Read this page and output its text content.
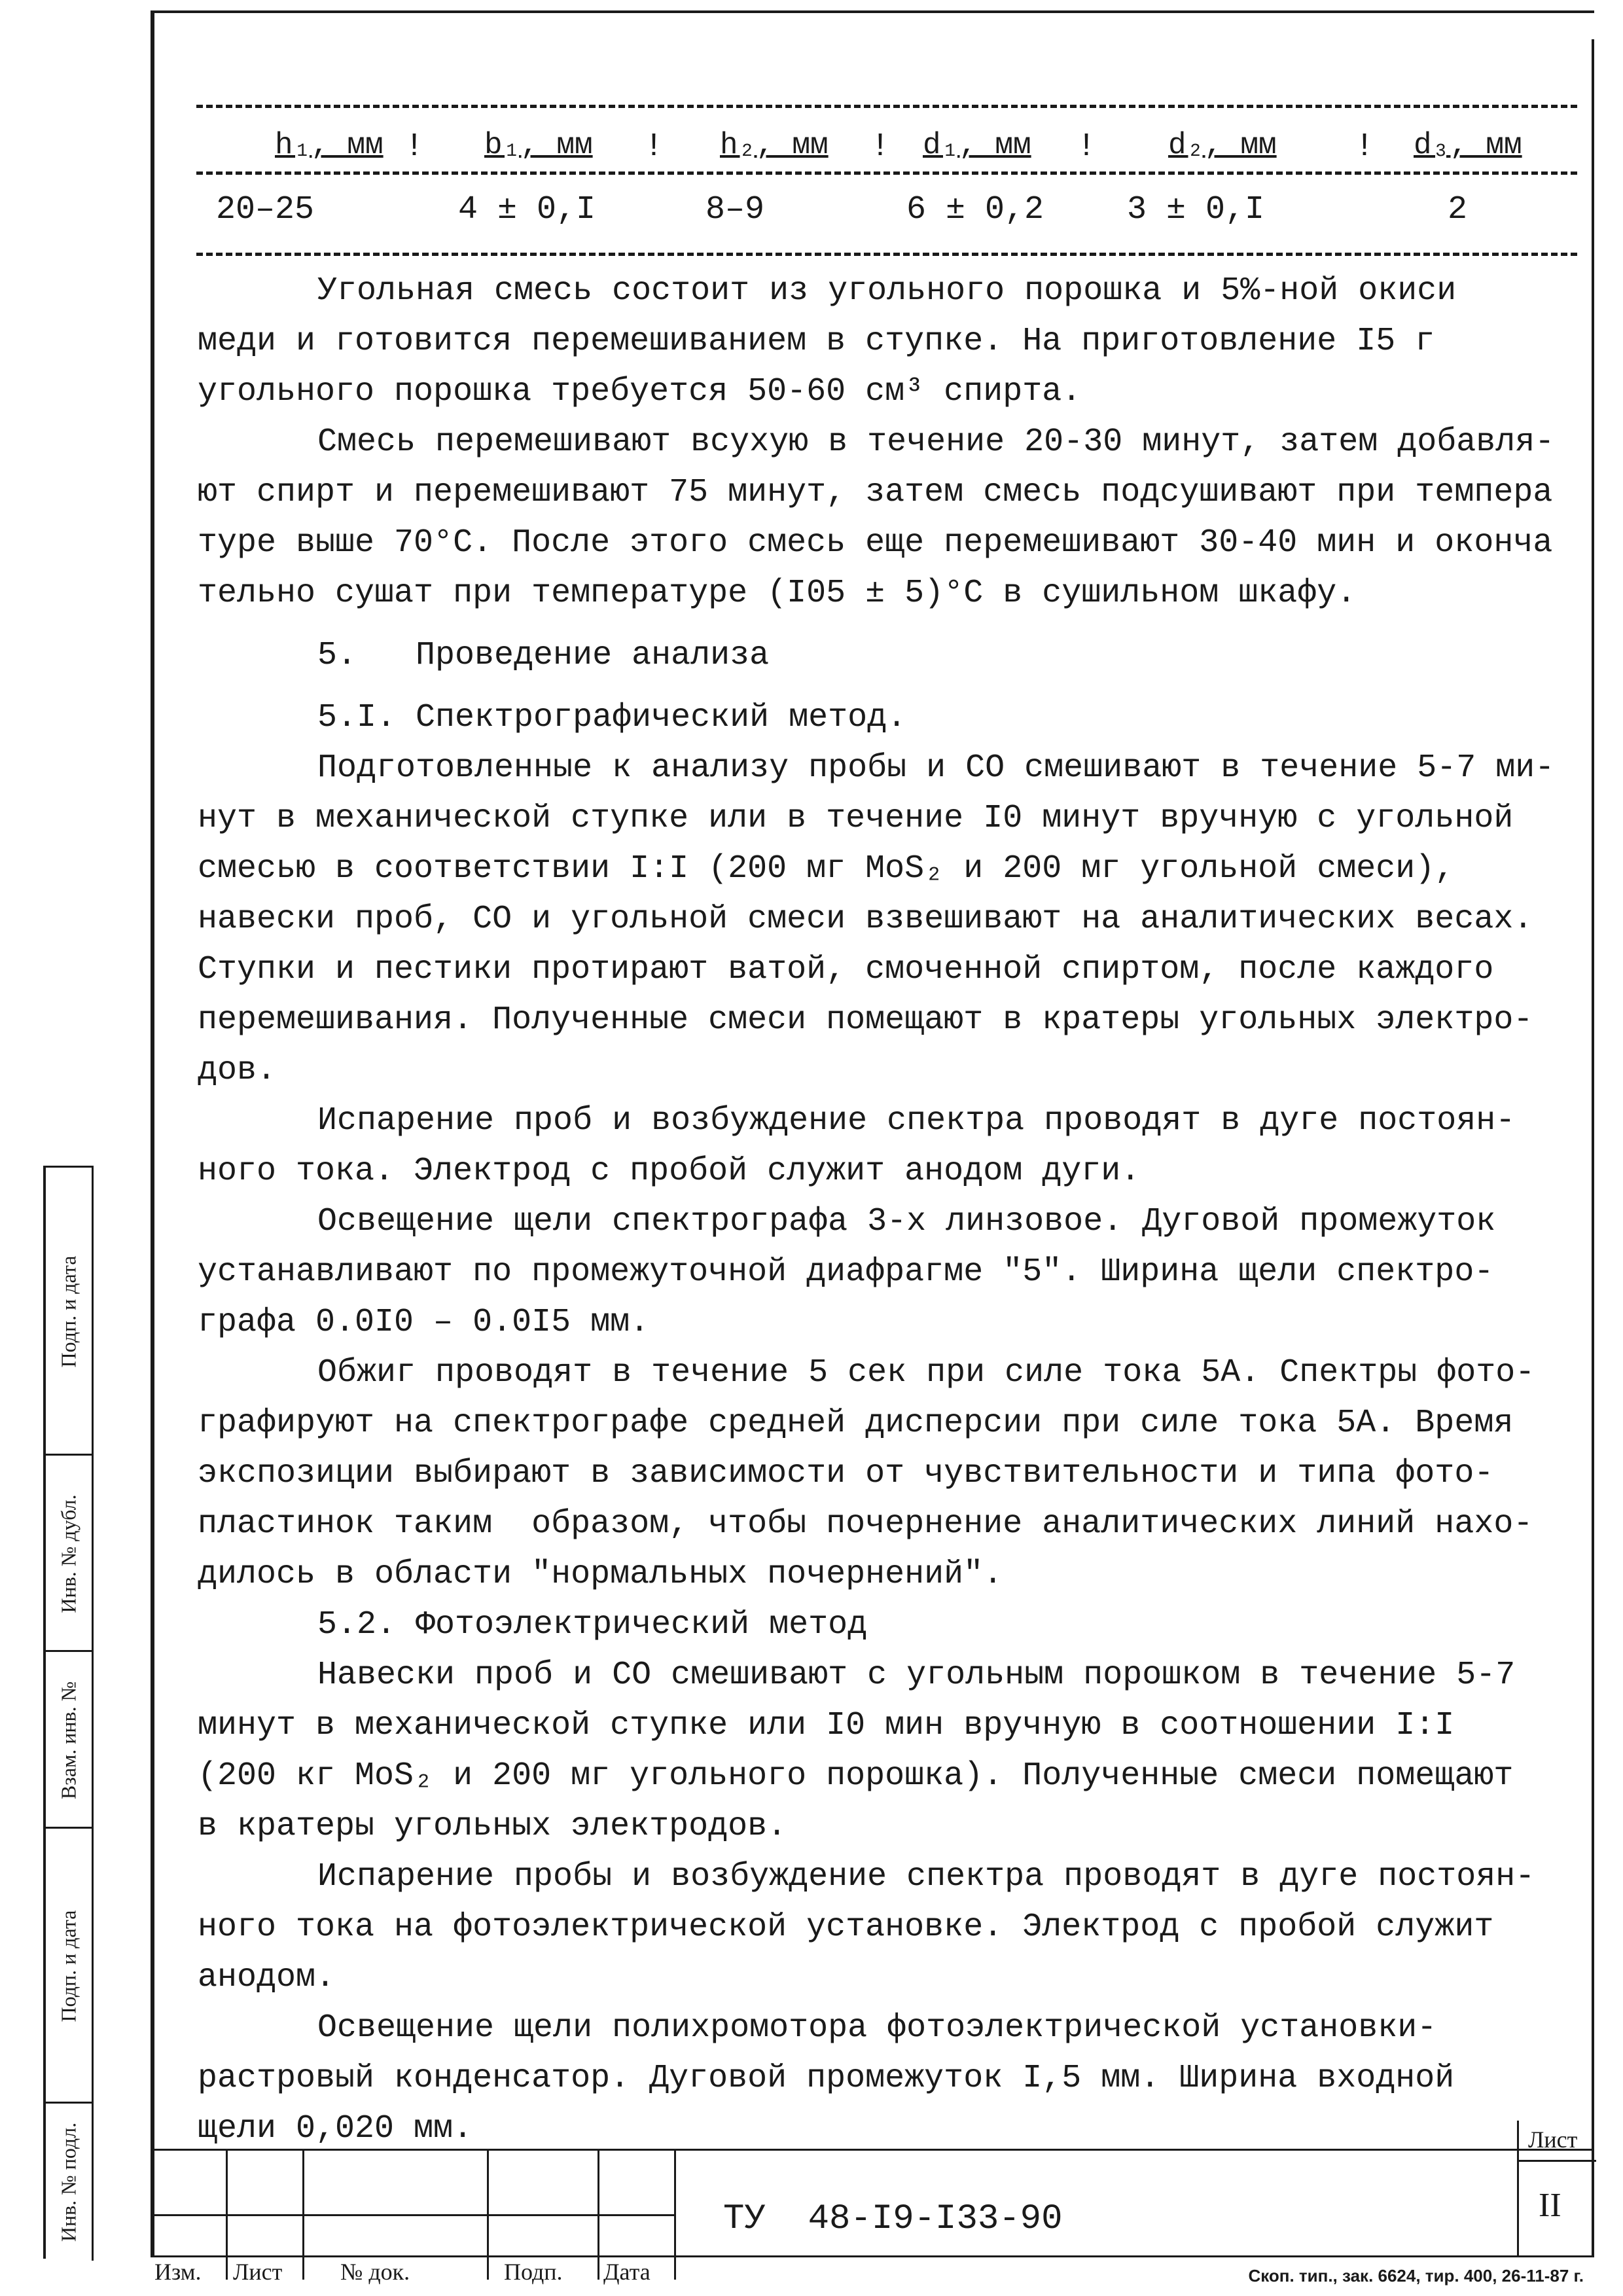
h₁, мм ! b₁, мм ! h₂, мм ! d₁, мм ! d₂, мм ! d₃, мм
20–25	4 ± 0,I	8–9	6 ± 0,2	3 ± 0,I	2
Угольная смесь состоит из угольного порошка и 5%-ной окиси
меди и готовится перемешиванием в ступке. На приготовление I5 г
угольного порошка требуется 50-60 см³ спирта.
Смесь перемешивают всухую в течение 20-30 минут, затем добавля-
ют спирт и перемешивают 75 минут, затем смесь подсушивают при темпера
туре выше 70°С. После этого смесь еще перемешивают 30-40 мин и оконча
тельно сушат при температуре (I05 ± 5)°С в сушильном шкафу.
5.   Проведение анализа
5.I. Спектрографический метод.
Подготовленные к анализу пробы и СО смешивают в течение 5-7 ми-
нут в механической ступке или в течение I0 минут вручную с угольной
смесью в соответствии I:I (200 мг MoS₂ и 200 мг угольной смеси),
навески проб, СО и угольной смеси взвешивают на аналитических весах.
Ступки и пестики протирают ватой, смоченной спиртом, после каждого
перемешивания. Полученные смеси помещают в кратеры угольных электро-
дов.
Испарение проб и возбуждение спектра проводят в дуге постоян-
ного тока. Электрод с пробой служит анодом дуги.
Освещение щели спектрографа 3-х линзовое. Дуговой промежуток
устанавливают по промежуточной диафрагме "5". Ширина щели спектро-
графа 0.0I0 – 0.0I5 мм.
Обжиг проводят в течение 5 сек при силе тока 5А. Спектры фото-
графируют на спектрографе средней дисперсии при силе тока 5А. Время
экспозиции выбирают в зависимости от чувствительности и типа фото-
пластинок таким  образом, чтобы почернение аналитических линий нахо-
дилось в области "нормальных почернений".
5.2. Фотоэлектрический метод
Навески проб и СО смешивают с угольным порошком в течение 5-7
минут в механической ступке или I0 мин вручную в соотношении I:I
(200 кг MoS₂ и 200 мг угольного порошка). Полученные смеси помещают
в кратеры угольных электродов.
Испарение пробы и возбуждение спектра проводят в дуге постоян-
ного тока на фотоэлектрической установке. Электрод с пробой служит
анодом.
Освещение щели полихромотора фотоэлектрической установки-
растровый конденсатор. Дуговой промежуток I,5 мм. Ширина входной
щели 0,020 мм.
Подп. и дата
Инв. № дубл.
Взам. инв. №
Подп. и дата
Инв. № подл.
Изм. Лист № док.	Подп. Дата
ТУ  48-I9-I33-90
Лист
II
Скоп. тип., зак. 6624, тир. 400, 26-11-87 г.
